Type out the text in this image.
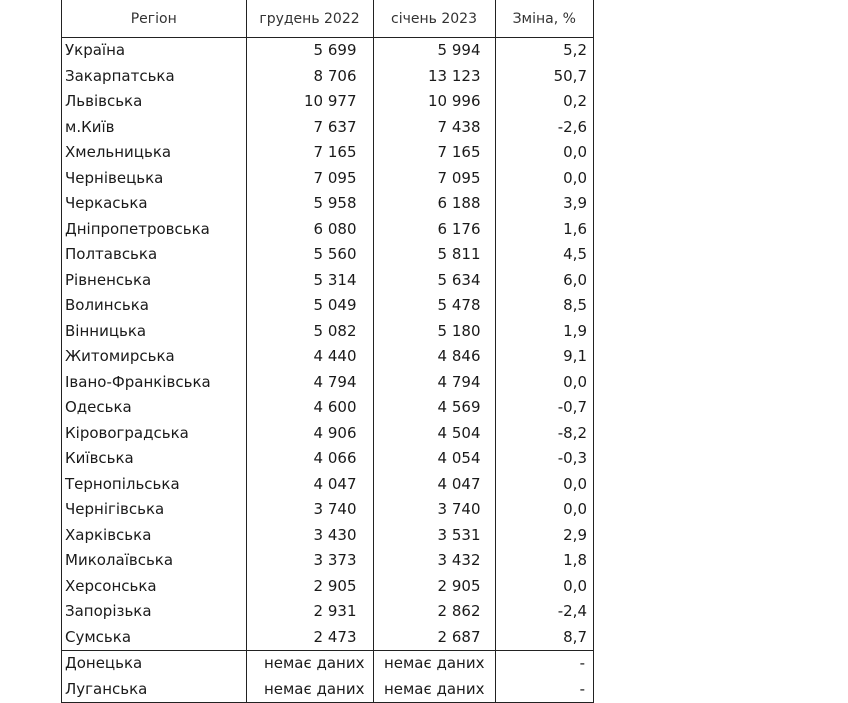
Регіон	грудень 2022	січень 2023	Зміна, %
Україна	5 699	5 994	5,2
Закарпатська	8 706	13 123	50,7
Львівська	10 977	10 996	0,2
м.Київ	7 637	7 438	-2,6
Хмельницька	7 165	7 165	0,0
Чернівецька	7 095	7 095	0,0
Черкаська	5 958	6 188	3,9
Дніпропетровська	6 080	6 176	1,6
Полтавська	5 560	5 811	4,5
Рівненська	5 314	5 634	6,0
Волинська	5 049	5 478	8,5
Вінницька	5 082	5 180	1,9
Житомирська	4 440	4 846	9,1
Івано-Франківська	4 794	4 794	0,0
Одеська	4 600	4 569	-0,7
Кіровоградська	4 906	4 504	-8,2
Київська	4 066	4 054	-0,3
Тернопільська	4 047	4 047	0,0
Чернігівська	3 740	3 740	0,0
Харківська	3 430	3 531	2,9
Миколаївська	3 373	3 432	1,8
Херсонська	2 905	2 905	0,0
Запорізька	2 931	2 862	-2,4
Сумська	2 473	2 687	8,7
Донецька	немає даних	немає даних	-
Луганська	немає даних	немає даних	-
